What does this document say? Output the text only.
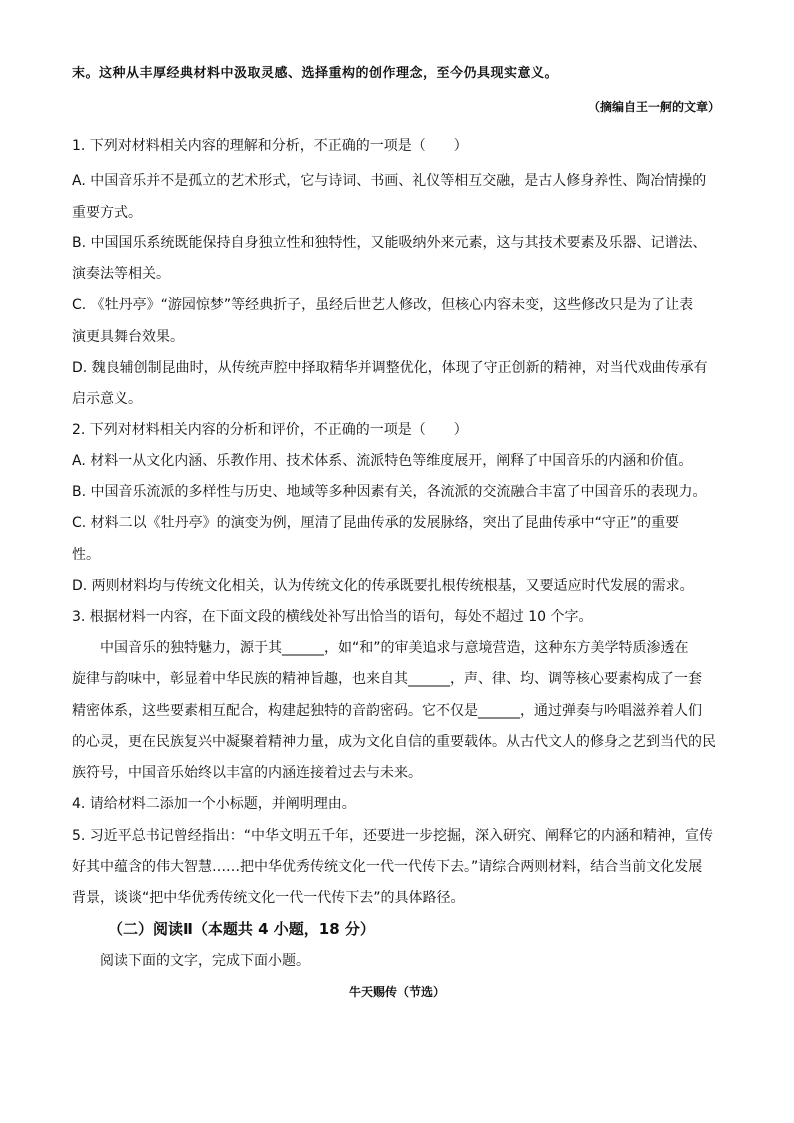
末。这种从丰厚经典材料中汲取灵感、选择重构的创作理念，至今仍具现实意义。
（摘编自王一舸的文章）
1. 下列对材料相关内容的理解和分析，不正确的一项是（　　）
A. 中国音乐并不是孤立的艺术形式，它与诗词、书画、礼仪等相互交融，是古人修身养性、陶冶情操的
重要方式。
B. 中国国乐系统既能保持自身独立性和独特性，又能吸纳外来元素，这与其技术要素及乐器、记谱法、
演奏法等相关。
C. 《牡丹亭》“游园惊梦”等经典折子，虽经后世艺人修改，但核心内容未变，这些修改只是为了让表
演更具舞台效果。
D. 魏良辅创制昆曲时，从传统声腔中择取精华并调整优化，体现了守正创新的精神，对当代戏曲传承有
启示意义。
2. 下列对材料相关内容的分析和评价，不正确的一项是（　　）
A. 材料一从文化内涵、乐教作用、技术体系、流派特色等维度展开，阐释了中国音乐的内涵和价值。
B. 中国音乐流派的多样性与历史、地域等多种因素有关，各流派的交流融合丰富了中国音乐的表现力。
C. 材料二以《牡丹亭》的演变为例，厘清了昆曲传承的发展脉络，突出了昆曲传承中“守正”的重要
性。
D. 两则材料均与传统文化相关，认为传统文化的传承既要扎根传统根基，又要适应时代发展的需求。
3. 根据材料一内容，在下面文段的横线处补写出恰当的语句，每处不超过 10 个字。
中国音乐的独特魅力，源于其______，如“和”的审美追求与意境营造，这种东方美学特质渗透在
旋律与韵味中，彰显着中华民族的精神旨趣，也来自其______，声、律、均、调等核心要素构成了一套
精密体系，这些要素相互配合，构建起独特的音韵密码。它不仅是______，通过弹奏与吟唱滋养着人们
的心灵，更在民族复兴中凝聚着精神力量，成为文化自信的重要载体。从古代文人的修身之艺到当代的民
族符号，中国音乐始终以丰富的内涵连接着过去与未来。
4. 请给材料二添加一个小标题，并阐明理由。
5. 习近平总书记曾经指出：“中华文明五千年，还要进一步挖掘，深入研究、阐释它的内涵和精神，宣传
好其中蕴含的伟大智慧……把中华优秀传统文化一代一代传下去。”请综合两则材料，结合当前文化发展
背景，谈谈“把中华优秀传统文化一代一代传下去”的具体路径。
（二）阅读Ⅱ（本题共 4 小题，18 分）
阅读下面的文字，完成下面小题。
牛天赐传（节选）
